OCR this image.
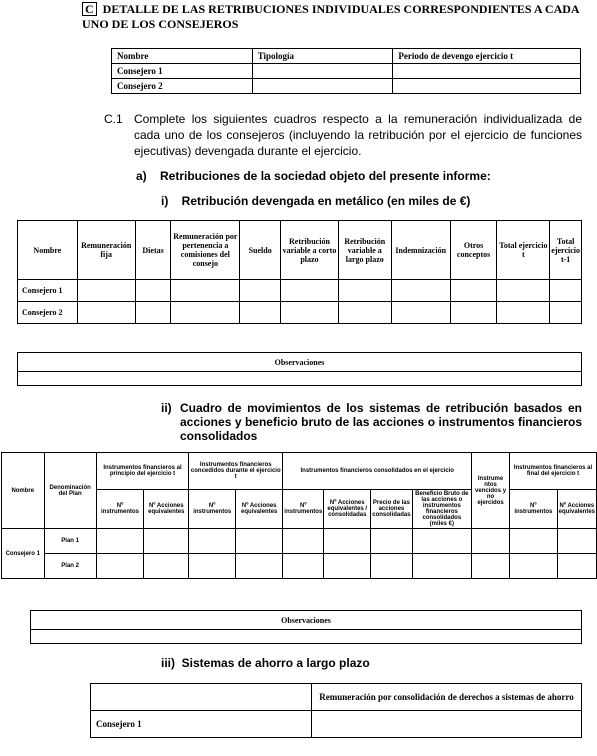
C DETALLE DE LAS RETRIBUCIONES INDIVIDUALES CORRESPONDIENTES A CADA UNO DE LOS CONSEJEROS
Nombre	Tipología	Periodo de devengo ejercicio t
Consejero 1		
Consejero 2		
C.1 Complete los siguientes cuadros respecto a la remuneración individualizada de cada uno de los consejeros (incluyendo la retribución por el ejercicio de funciones ejecutivas) devengada durante el ejercicio.
a)    Retribuciones de la sociedad objeto del presente informe:
i)    Retribución devengada en metálico (en miles de €)
Nombre	Remuneración fija	Dietas	Remuneración por pertenencia a comisiones del consejo	Sueldo	Retribución variable a corto plazo	Retribución variable a largo plazo	Indemnización	Otros conceptos	Total ejercicio t	Total ejercicio t-1
Consejero 1										
Consejero 2										
Observaciones

ii) Cuadro de movimientos de los sistemas de retribución basados en acciones y beneficio bruto de las acciones o instrumentos financieros consolidados
Nombre	Denominación del Plan	Instrumentos financieros al principio del ejercicio t		Instrumentos financieros concedidos durante el ejercicio t		Instrumentos financieros consolidados en el ejercicio				Instrume ntos vencidos y no ejercidos	Instrumentos financieros al final del ejercicio t	
		Nº instrumentos	Nº Acciones equivalentes	Nº instrumentos	Nº Acciones equivalentes	Nº instrumentos	Nº Acciones equivalentes / consolidadas	Precio de las acciones consolidadas	Beneficio Bruto de las acciones o instrumentos financieros consolidados (miles €)		Nº instrumentos	Nº Acciones equivalentes
Consejero 1	Plan 1											
	Plan 2											
Observaciones

iii)  Sistemas de ahorro a largo plazo
	Remuneración por consolidación de derechos a sistemas de ahorro
Consejero 1	
